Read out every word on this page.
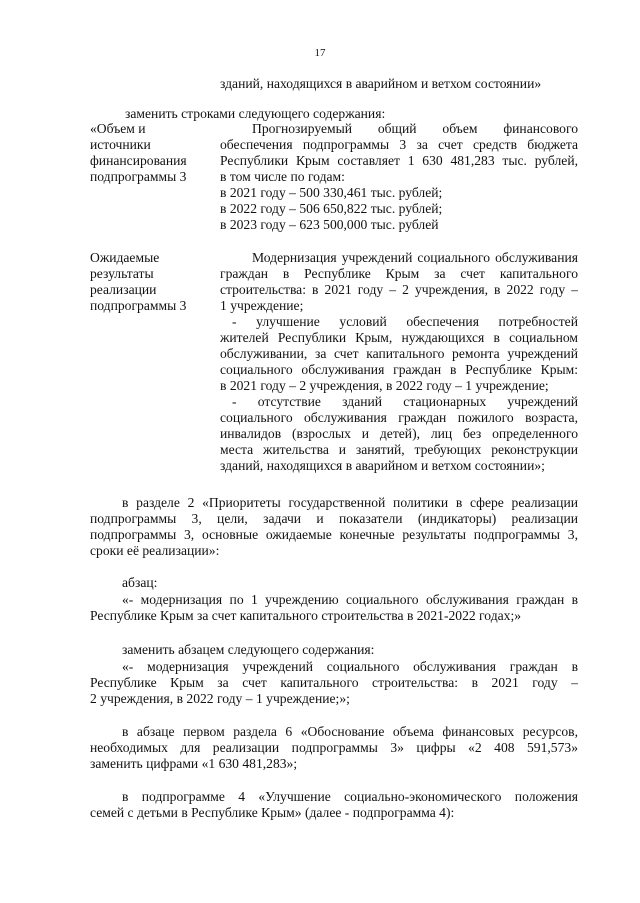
17
зданий, находящихся в аварийном и ветхом состоянии»
заменить строками следующего содержания:
«Объем и
источники
финансирования
подпрограммы 3
Прогнозируемый общий объем финансового
обеспечения подпрограммы 3 за счет средств бюджета
Республики Крым составляет 1 630 481,283 тыс. рублей,
в том числе по годам:
в 2021 году – 500 330,461 тыс. рублей;
в 2022 году – 506 650,822 тыс. рублей;
в 2023 году – 623 500,000 тыс. рублей
Ожидаемые
результаты
реализации
подпрограммы 3
Модернизация учреждений социального обслуживания
граждан в Республике Крым за счет капитального
строительства: в 2021 году – 2 учреждения, в 2022 году –
1 учреждение;
- улучшение условий обеспечения потребностей
жителей Республики Крым, нуждающихся в социальном
обслуживании, за счет капитального ремонта учреждений
социального обслуживания граждан в Республике Крым:
в 2021 году – 2 учреждения, в 2022 году – 1 учреждение;
- отсутствие зданий стационарных учреждений
социального обслуживания граждан пожилого возраста,
инвалидов (взрослых и детей), лиц без определенного
места жительства и занятий, требующих реконструкции
зданий, находящихся в аварийном и ветхом состоянии»;
в разделе 2 «Приоритеты государственной политики в сфере реализации
подпрограммы 3, цели, задачи и показатели (индикаторы) реализации
подпрограммы 3, основные ожидаемые конечные результаты подпрограммы 3,
сроки её реализации»:
абзац:
«- модернизация по 1 учреждению социального обслуживания граждан в
Республике Крым за счет капитального строительства в 2021-2022 годах;»
заменить абзацем следующего содержания:
«- модернизация учреждений социального обслуживания граждан в
Республике Крым за счет капитального строительства: в 2021 году –
2 учреждения, в 2022 году – 1 учреждение;»;
в абзаце первом раздела 6 «Обоснование объема финансовых ресурсов,
необходимых для реализации подпрограммы 3» цифры «2 408 591,573»
заменить цифрами «1 630 481,283»;
в подпрограмме 4 «Улучшение социально-экономического положения
семей с детьми в Республике Крым» (далее - подпрограмма 4):
